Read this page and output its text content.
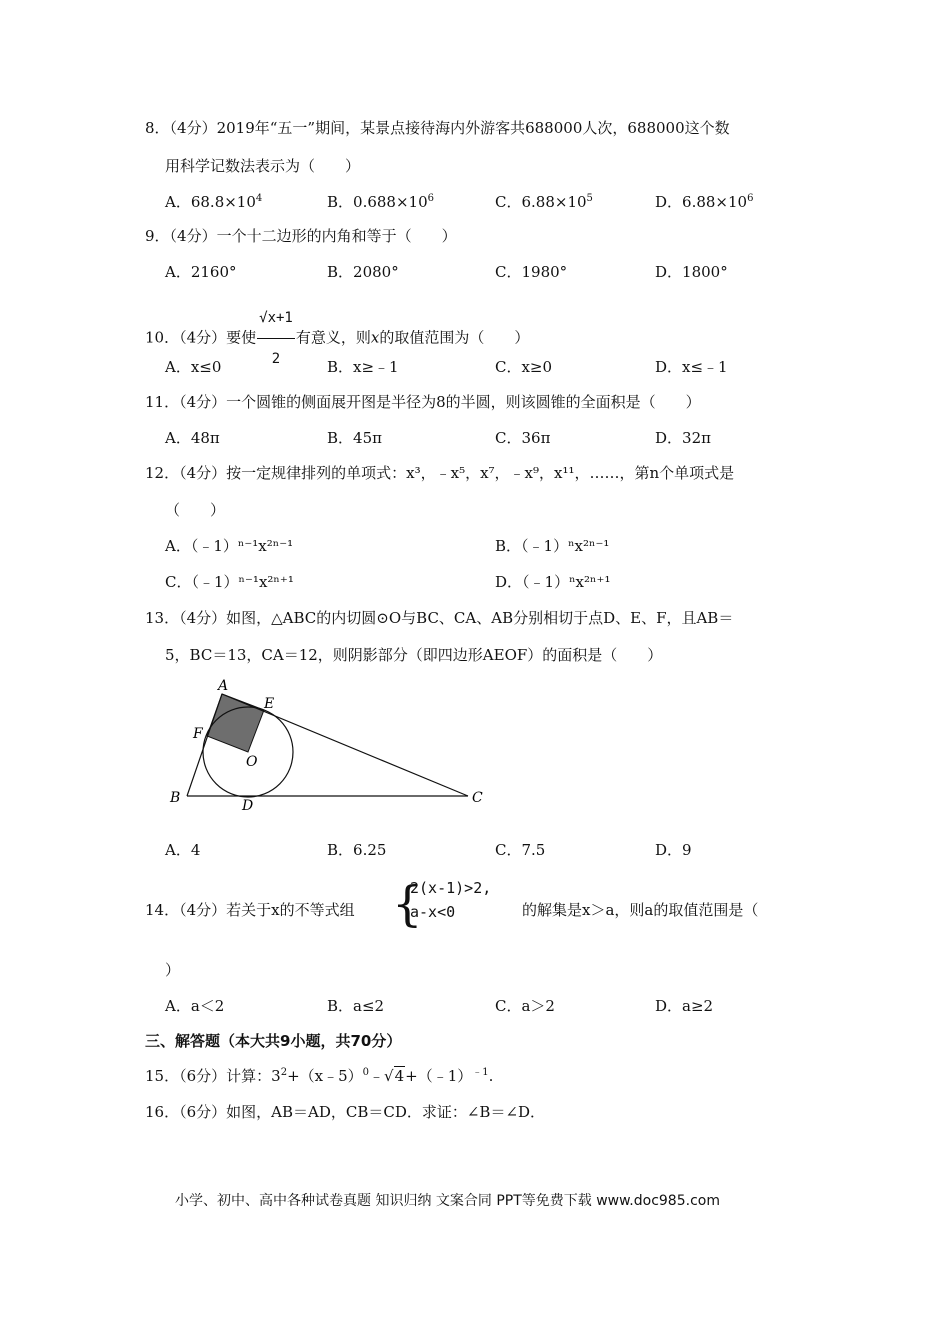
8．（4分）2019年“五一”期间，某景点接待海内外游客共688000人次，688000这个数
用科学记数法表示为（　　）
A．$68.8\times 10^4$	B．$0.688\times 10^6$	C．$6.88\times 10^5$	D．$6.88\times 10^6$
9．（4分）一个十二边形的内角和等于（　　）
A．2160°	B．2080°	C．1980°	D．1800°
10．（4分）要使 $\frac{√x+1}{2}$ 有意义，则x的取值范围为（　　）
A．x≤0	B．x≥﹣1	C．x≥0	D．x≤﹣1
11．（4分）一个圆锥的侧面展开图是半径为8的半圆，则该圆锥的全面积是（　　）
A．48π	B．45π	C．36π	D．32π
12．（4分）按一定规律排列的单项式：x³，﹣x⁵，x⁷，﹣x⁹，x¹¹，……，第n个单项式是
（　　）
A．（﹣1）ⁿ⁻¹x²ⁿ⁻¹	B．（﹣1）ⁿx²ⁿ⁻¹
C．（﹣1）ⁿ⁻¹x²ⁿ⁺¹	D．（﹣1）ⁿx²ⁿ⁺¹
13．（4分）如图，△ABC的内切圆⊙O与BC、CA、AB分别相切于点D、E、F，且AB＝
5，BC＝13，CA＝12，则阴影部分（即四边形AEOF）的面积是（　　）
A
E
F
O
B	D	C
A．4	B．6.25	C．7.5	D．9
14．（4分）若关于x的不等式组 {
2(x-1)>2,
a-x<0	的解集是x＞a，则a的取值范围是（
）
A．a＜2	B．a≤2	C．a＞2	D．a≥2
三、解答题（本大共9小题，共70分）
15．（6分）计算：$3^2+(x﹣5)^0﹣√4+(﹣1)^{﹣1}$.
16．（6分）如图，AB＝AD，CB＝CD．求证：∠B＝∠D．
小学、初中、高中各种试卷真题 知识归纳 文案合同 PPT等免费下载 www.doc985.com
